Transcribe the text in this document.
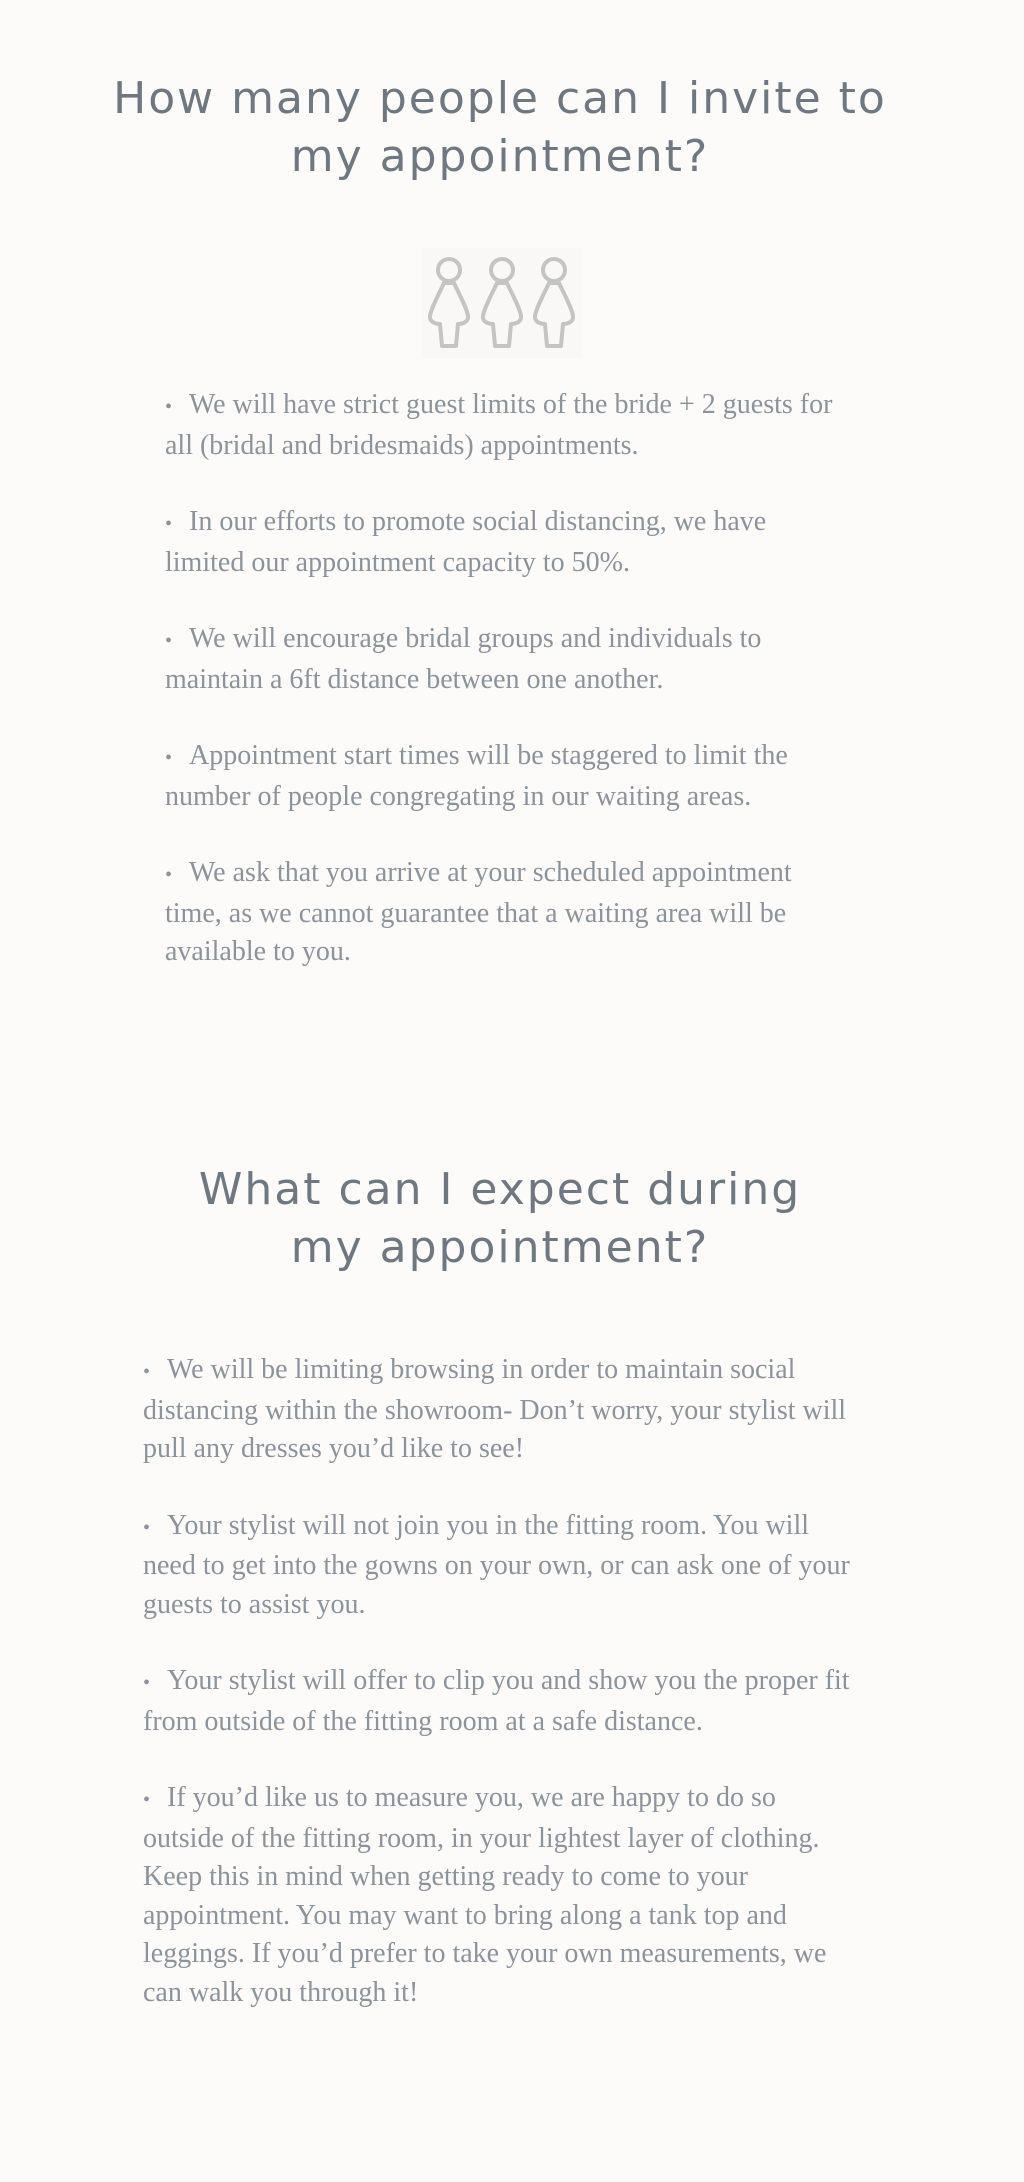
How many people can I invite to
my appointment?
• We will have strict guest limits of the bride + 2 guests for all (bridal and bridesmaids) appointments.
• In our efforts to promote social distancing, we have limited our appointment capacity to 50%.
• We will encourage bridal groups and individuals to maintain a 6ft distance between one another.
• Appointment start times will be staggered to limit the number of people congregating in our waiting areas.
• We ask that you arrive at your scheduled appointment time, as we cannot guarantee that a waiting area will be available to you.
What can I expect during
my appointment?
• We will be limiting browsing in order to maintain social distancing within the showroom- Don’t worry, your stylist will pull any dresses you’d like to see!
• Your stylist will not join you in the fitting room. You will need to get into the gowns on your own, or can ask one of your guests to assist you.
• Your stylist will offer to clip you and show you the proper fit from outside of the fitting room at a safe distance.
• If you’d like us to measure you, we are happy to do so outside of the fitting room, in your lightest layer of clothing. Keep this in mind when getting ready to come to your appointment. You may want to bring along a tank top and leggings. If you’d prefer to take your own measurements, we can walk you through it!
